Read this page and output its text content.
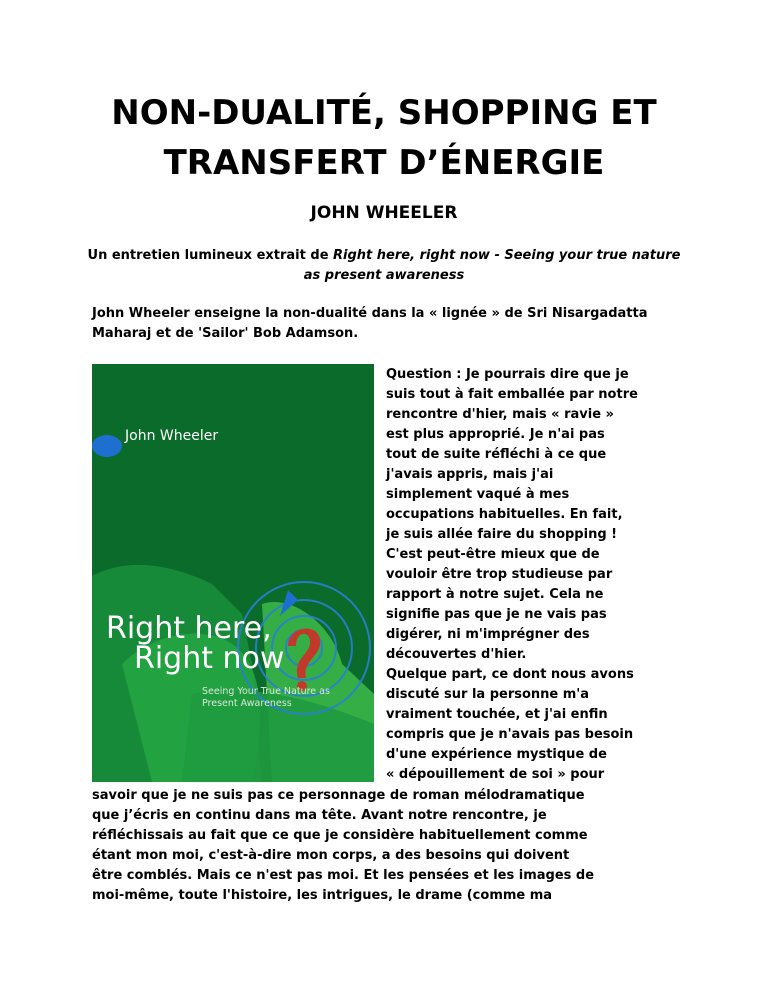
NON-DUALITÉ, SHOPPING ET TRANSFERT D’ÉNERGIE
JOHN WHEELER

Un entretien lumineux extrait de Right here, right now - Seeing your true nature as present awareness

John Wheeler enseigne la non-dualité dans la « lignée » de Sri Nisargadatta Maharaj et de 'Sailor' Bob Adamson.

John Wheeler

Right here,
Right now

Seeing Your True Nature as
Present Awareness

Question : Je pourrais dire que je
suis tout à fait emballée par notre
rencontre d'hier, mais « ravie »
est plus approprié. Je n'ai pas
tout de suite réfléchi à ce que
j'avais appris, mais j'ai
simplement vaqué à mes
occupations habituelles. En fait,
je suis allée faire du shopping !
C'est peut-être mieux que de
vouloir être trop studieuse par
rapport à notre sujet. Cela ne
signifie pas que je ne vais pas
digérer, ni m'imprégner des
découvertes d'hier.
Quelque part, ce dont nous avons
discuté sur la personne m'a
vraiment touchée, et j'ai enfin
compris que je n'avais pas besoin
d'une expérience mystique de
« dépouillement de soi » pour
savoir que je ne suis pas ce personnage de roman mélodramatique
que j’écris en continu dans ma tête. Avant notre rencontre, je
réfléchissais au fait que ce que je considère habituellement comme
étant mon moi, c'est-à-dire mon corps, a des besoins qui doivent
être comblés. Mais ce n'est pas moi. Et les pensées et les images de
moi-même, toute l'histoire, les intrigues, le drame (comme ma
